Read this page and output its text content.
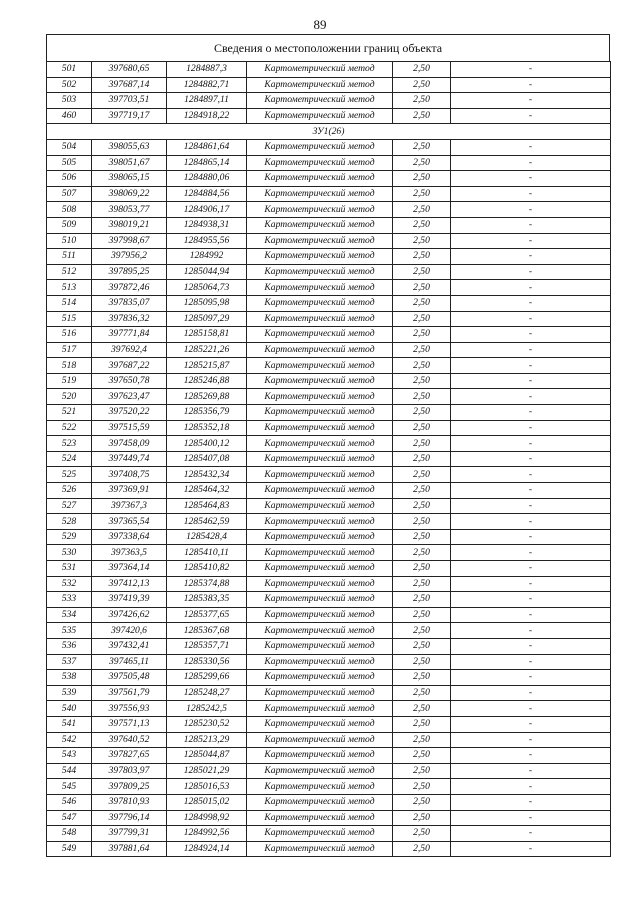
89
Сведения о местоположении границ объекта
501	397680,65	1284887,3	Картометрический метод	2,50	-
502	397687,14	1284882,71	Картометрический метод	2,50	-
503	397703,51	1284897,11	Картометрический метод	2,50	-
460	397719,17	1284918,22	Картометрический метод	2,50	-
ЗУ1(26)					
504	398055,63	1284861,64	Картометрический метод	2,50	-
505	398051,67	1284865,14	Картометрический метод	2,50	-
506	398065,15	1284880,06	Картометрический метод	2,50	-
507	398069,22	1284884,56	Картометрический метод	2,50	-
508	398053,77	1284906,17	Картометрический метод	2,50	-
509	398019,21	1284938,31	Картометрический метод	2,50	-
510	397998,67	1284955,56	Картометрический метод	2,50	-
511	397956,2	1284992	Картометрический метод	2,50	-
512	397895,25	1285044,94	Картометрический метод	2,50	-
513	397872,46	1285064,73	Картометрический метод	2,50	-
514	397835,07	1285095,98	Картометрический метод	2,50	-
515	397836,32	1285097,29	Картометрический метод	2,50	-
516	397771,84	1285158,81	Картометрический метод	2,50	-
517	397692,4	1285221,26	Картометрический метод	2,50	-
518	397687,22	1285215,87	Картометрический метод	2,50	-
519	397650,78	1285246,88	Картометрический метод	2,50	-
520	397623,47	1285269,88	Картометрический метод	2,50	-
521	397520,22	1285356,79	Картометрический метод	2,50	-
522	397515,59	1285352,18	Картометрический метод	2,50	-
523	397458,09	1285400,12	Картометрический метод	2,50	-
524	397449,74	1285407,08	Картометрический метод	2,50	-
525	397408,75	1285432,34	Картометрический метод	2,50	-
526	397369,91	1285464,32	Картометрический метод	2,50	-
527	397367,3	1285464,83	Картометрический метод	2,50	-
528	397365,54	1285462,59	Картометрический метод	2,50	-
529	397338,64	1285428,4	Картометрический метод	2,50	-
530	397363,5	1285410,11	Картометрический метод	2,50	-
531	397364,14	1285410,82	Картометрический метод	2,50	-
532	397412,13	1285374,88	Картометрический метод	2,50	-
533	397419,39	1285383,35	Картометрический метод	2,50	-
534	397426,62	1285377,65	Картометрический метод	2,50	-
535	397420,6	1285367,68	Картометрический метод	2,50	-
536	397432,41	1285357,71	Картометрический метод	2,50	-
537	397465,11	1285330,56	Картометрический метод	2,50	-
538	397505,48	1285299,66	Картометрический метод	2,50	-
539	397561,79	1285248,27	Картометрический метод	2,50	-
540	397556,93	1285242,5	Картометрический метод	2,50	-
541	397571,13	1285230,52	Картометрический метод	2,50	-
542	397640,52	1285213,29	Картометрический метод	2,50	-
543	397827,65	1285044,87	Картометрический метод	2,50	-
544	397803,97	1285021,29	Картометрический метод	2,50	-
545	397809,25	1285016,53	Картометрический метод	2,50	-
546	397810,93	1285015,02	Картометрический метод	2,50	-
547	397796,14	1284998,92	Картометрический метод	2,50	-
548	397799,31	1284992,56	Картометрический метод	2,50	-
549	397881,64	1284924,14	Картометрический метод	2,50	-
